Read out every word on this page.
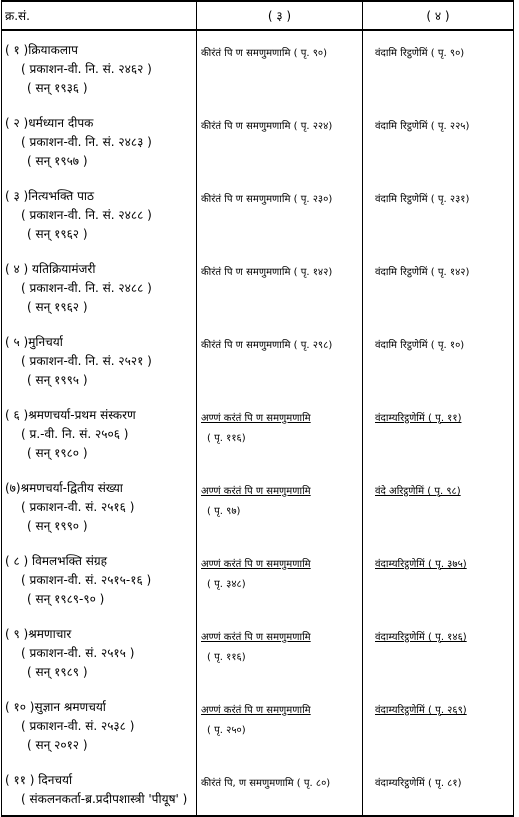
क्र.सं.	( ३ )	( ४ )

( १ )क्रियाकलाप
( प्रकाशन-वी. नि. सं. २४६२ )
( सन् १९३६ )	कीरंतं पि ण समणुमणामि ( पृ. ९०)	वंदामि रिट्ठणेमिं ( पृ. ९०)

( २ )धर्मध्यान दीपक
( प्रकाशन-वी. नि. सं. २४८३ )
( सन् १९५७ )	कीरंतं पि ण समणुमणामि ( पृ. २२४)	वंदामि रिट्ठणेमिं ( पृ. २२५)

( ३ )नित्यभक्ति पाठ
( प्रकाशन-वी. नि. सं. २४८८ )
( सन् १९६२ )	कीरंतं पि ण समणुमणामि ( पृ. २३०)	वंदामि रिट्ठणेमिं ( पृ. २३१)

( ४ ) यतिक्रियामंजरी
( प्रकाशन-वी. नि. सं. २४८८ )
( सन् १९६२ )	कीरंतं पि ण समणुमणामि ( पृ. १४२)	वंदामि रिट्ठणेमिं ( पृ. १४२)

( ५ )मुनिचर्या
( प्रकाशन-वी. नि. सं. २५२१ )
( सन् १९९५ )	कीरंतं पि ण समणुमणामि ( पृ. २९८)	वंदामि रिट्ठणेमिं ( पृ. १०)

( ६ )श्रमणचर्या-प्रथम संस्करण
( प्र.-वी. नि. सं. २५०६ )
( सन् १९८० )	अण्णं करंतं पि ण समणुमणामि
( पृ. ११६)	वंदाम्यरिट्ठणेमिं ( पृ. ११)

(७)श्रमणचर्या-द्वितीय संख्या
( प्रकाशन-वी. सं. २५१६ )
( सन् १९९० )	अण्णं करंतं पि ण समणुमणामि
( पृ. ९७)	वंदे अरिट्ठणेमिं ( पृ. ९८)

( ८ ) विमलभक्ति संग्रह
( प्रकाशन-वी. सं. २५१५-१६ )
( सन् १९८९-९० )	अण्णं करंतं पि ण समणुमणामि
( पृ. ३४८)	वंदाम्यरिट्ठणेमिं ( पृ. ३७५)

( ९ )श्रमणाचार
( प्रकाशन-वी. सं. २५१५ )
( सन् १९८९ )	अण्णं करंतं पि ण समणुमणामि
( पृ. ११६)	वंदाम्यरिट्ठणेमिं ( पृ. १४६)

( १० )सुज्ञान श्रमणचर्या
( प्रकाशन-वी. सं. २५३८ )
( सन् २०१२ )	अण्णं करंतं पि ण समणुमणामि
( पृ. २५०)	वंदाम्यरिट्ठणेमिं ( पृ. २६९)

( ११ ) दिनचर्या
( संकलनकर्ता-ब्र.प्रदीपशास्त्री 'पीयूष' )	कीरंतं पि, ण समणुमणामि ( पृ. ८०)	वंदाम्यरिट्ठणेमिं ( पृ. ८१)
